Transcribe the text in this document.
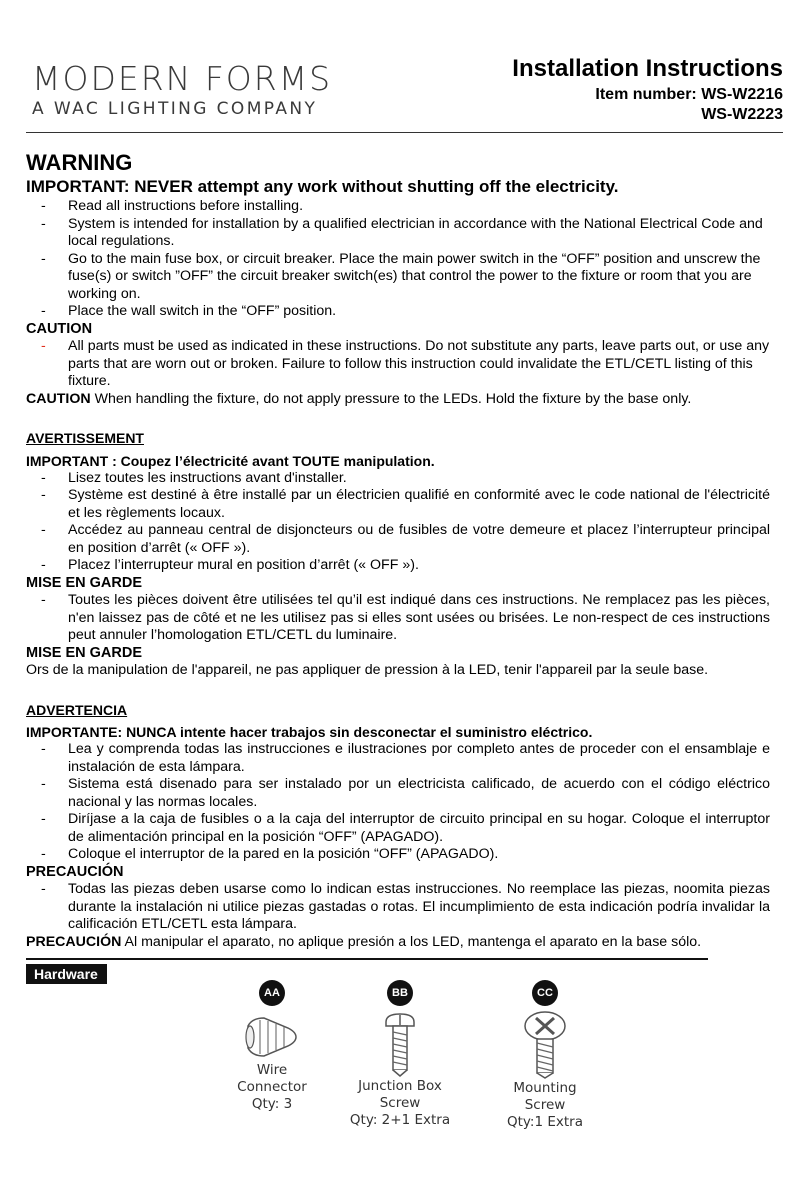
MODERN FORMS
A WAC LIGHTING COMPANY
Installation Instructions
Item number: WS-W2216
WS-W2223
WARNING
IMPORTANT: NEVER attempt any work without shutting off the electricity.
- Read all instructions before installing.
- System is intended for installation by a qualified electrician in accordance with the National Electrical Code and local regulations.
- Go to the main fuse box, or circuit breaker. Place the main power switch in the “OFF” position and unscrew the fuse(s) or switch ”OFF” the circuit breaker switch(es) that control the power to the fixture or room that you are working on.
- Place the wall switch in the “OFF” position.
CAUTION
- All parts must be used as indicated in these instructions. Do not substitute any parts, leave parts out, or use any parts that are worn out or broken. Failure to follow this instruction could invalidate the ETL/CETL listing of this fixture.

CAUTION When handling the fixture, do not apply pressure to the LEDs. Hold the fixture by the base only.

AVERTISSEMENT
IMPORTANT : Coupez l’électricité avant TOUTE manipulation.
- Lisez toutes les instructions avant d'installer.
- Système est destiné à être installé par un électricien qualifié en conformité avec le code national de l'électricité et les règlements locaux.
- Accédez au panneau central de disjoncteurs ou de fusibles de votre demeure et placez l’interrupteur principal en position d’arrêt (« OFF »).
- Placez l’interrupteur mural en position d’arrêt (« OFF »).
MISE EN GARDE
- Toutes les pièces doivent être utilisées tel qu’il est indiqué dans ces instructions. Ne remplacez pas les pièces, n'en laissez pas de côté et ne les utilisez pas si elles sont usées ou brisées. Le non-respect de ces instructions peut annuler l’homologation ETL/CETL du luminaire.
MISE EN GARDE

Ors de la manipulation de l'appareil, ne pas appliquer de pression à la LED, tenir l'appareil par la seule base.

ADVERTENCIA
IMPORTANTE: NUNCA intente hacer trabajos sin desconectar el suministro eléctrico.
- Lea y comprenda todas las instrucciones e ilustraciones por completo antes de proceder con el ensamblaje e instalación de esta lámpara.
- Sistema está disenado para ser instalado por un electricista calificado, de acuerdo con el código eléctrico nacional y las normas locales.
- Diríjase a la caja de fusibles o a la caja del interruptor de circuito principal en su hogar. Coloque el interruptor de alimentación principal en la posición “OFF” (APAGADO).
- Coloque el interruptor de la pared en la posición “OFF” (APAGADO).
PRECAUCIÓN
- Todas las piezas deben usarse como lo indican estas instrucciones. No reemplace las piezas, noomita piezas durante la instalación ni utilice piezas gastadas o rotas. El incumplimiento de esta indicación podría invalidar la calificación ETL/CETL esta lámpara.

PRECAUCIÓN Al manipular el aparato, no aplique presión a los LED, mantenga el aparato en la base sólo.

Hardware
AA
Wire
Connector
Qty: 3
BB
Junction Box
Screw
Qty: 2+1 Extra
CC
Mounting
Screw
Qty:1 Extra
